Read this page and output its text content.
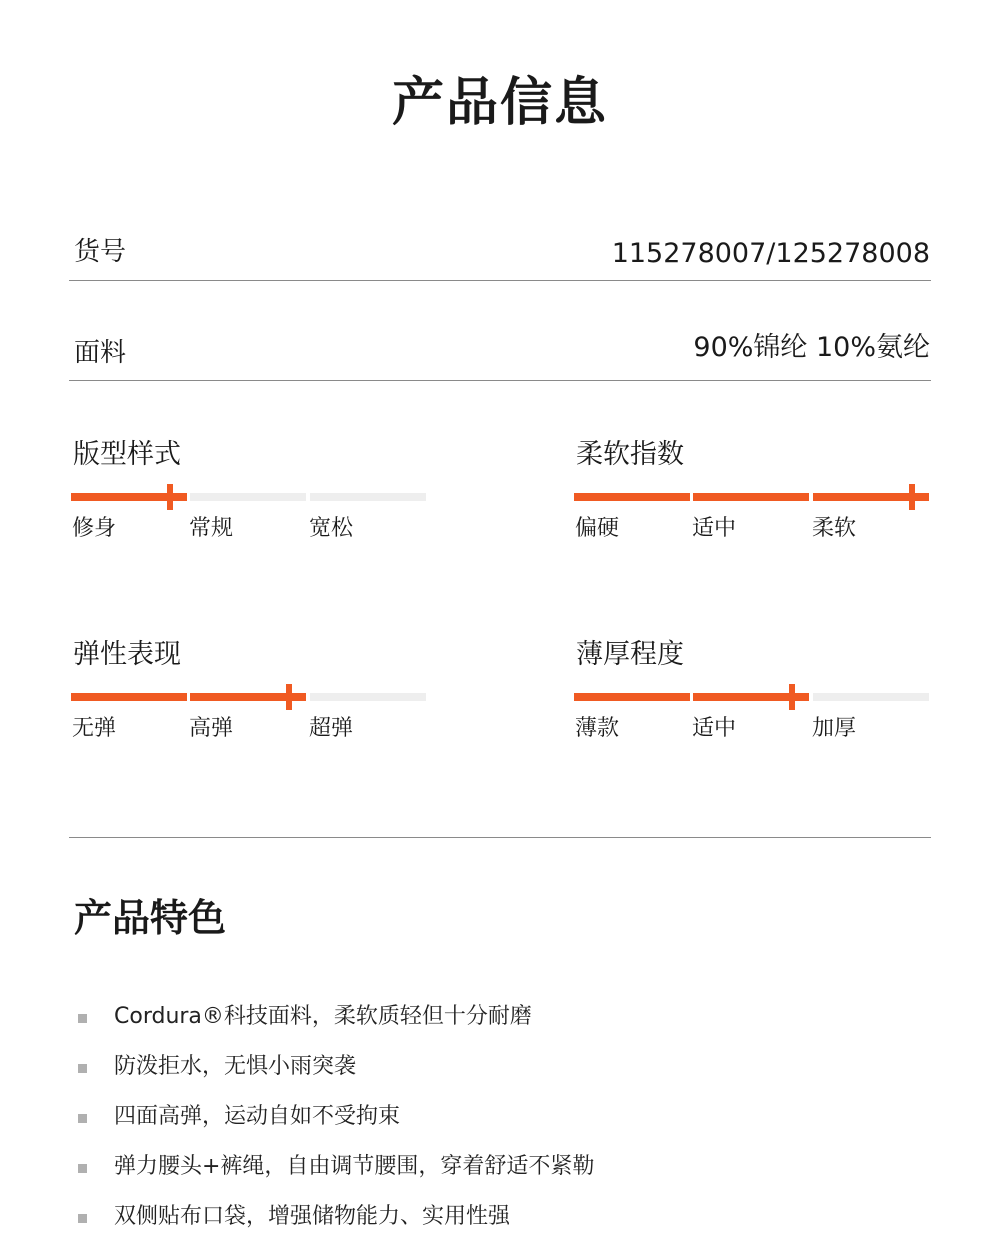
产品信息
货号	115278007/125278008
面料	90%锦纶 10%氨纶
版型样式
修身	常规	宽松
柔软指数
偏硬	适中	柔软
弹性表现
无弹	高弹	超弹
薄厚程度
薄款	适中	加厚
产品特色
Cordura®科技面料，柔软质轻但十分耐磨
防泼拒水，无惧小雨突袭
四面高弹，运动自如不受拘束
弹力腰头+裤绳，自由调节腰围，穿着舒适不紧勒
双侧贴布口袋，增强储物能力、实用性强
